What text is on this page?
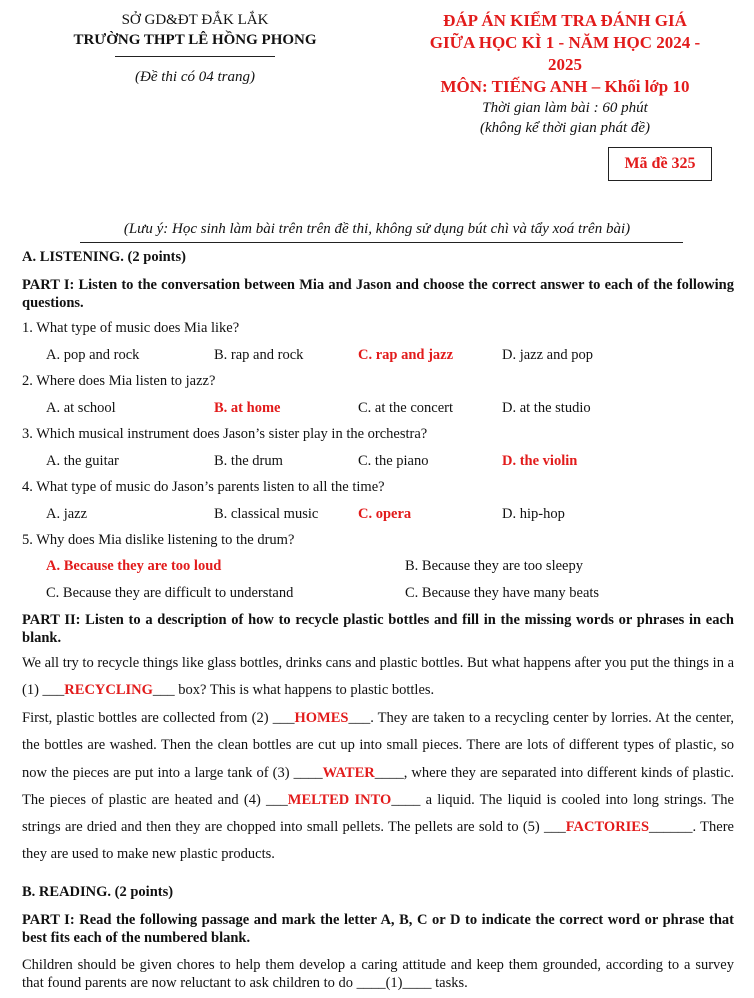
SỞ GD&ĐT ĐẮK LẮK
TRƯỜNG THPT LÊ HỒNG PHONG
(Đề thi có 04 trang)
ĐÁP ÁN KIỂM TRA ĐÁNH GIÁ
GIỮA HỌC KÌ 1 - NĂM HỌC 2024 -
2025
MÔN: TIẾNG ANH – Khối lớp 10
Thời gian làm bài : 60 phút
(không kể thời gian phát đề)
Mã đề 325
(Lưu ý: Học sinh làm bài trên trên đề thi, không sử dụng bút chì và tẩy xoá trên bài)
A. LISTENING. (2 points)
PART I: Listen to the conversation between Mia and Jason and choose the correct answer to each of the following questions.
1. What type of music does Mia like?
A. pop and rock	B. rap and rock	C. rap and jazz	D. jazz and pop
2. Where does Mia listen to jazz?
A. at school	B. at home	C. at the concert	D. at the studio
3. Which musical instrument does Jason’s sister play in the orchestra?
A. the guitar	B. the drum	C. the piano	D. the violin
4. What type of music do Jason’s parents listen to all the time?
A. jazz	B. classical music	C. opera	D. hip-hop
5. Why does Mia dislike listening to the drum?
A. Because they are too loud	B. Because they are too sleepy
C. Because they are difficult to understand	C. Because they have many beats
PART II: Listen to a description of how to recycle plastic bottles and fill in the missing words or phrases in each blank.
We all try to recycle things like glass bottles, drinks cans and plastic bottles. But what happens after you put the things in a (1) ___RECYCLING___ box? This is what happens to plastic bottles.
First, plastic bottles are collected from (2) ___HOMES___. They are taken to a recycling center by lorries. At the center, the bottles are washed. Then the clean bottles are cut up into small pieces. There are lots of different types of plastic, so now the pieces are put into a large tank of (3) ____WATER____, where they are separated into different kinds of plastic. The pieces of plastic are heated and (4) ___MELTED INTO____ a liquid. The liquid is cooled into long strings. The strings are dried and then they are chopped into small pellets. The pellets are sold to (5) ___FACTORIES______. There they are used to make new plastic products.
B. READING. (2 points)
PART I: Read the following passage and mark the letter A, B, C or D to indicate the correct word or phrase that best fits each of the numbered blank.
Children should be given chores to help them develop a caring attitude and keep them grounded, according to a survey that found parents are now reluctant to ask children to do ____(1)____ tasks.
